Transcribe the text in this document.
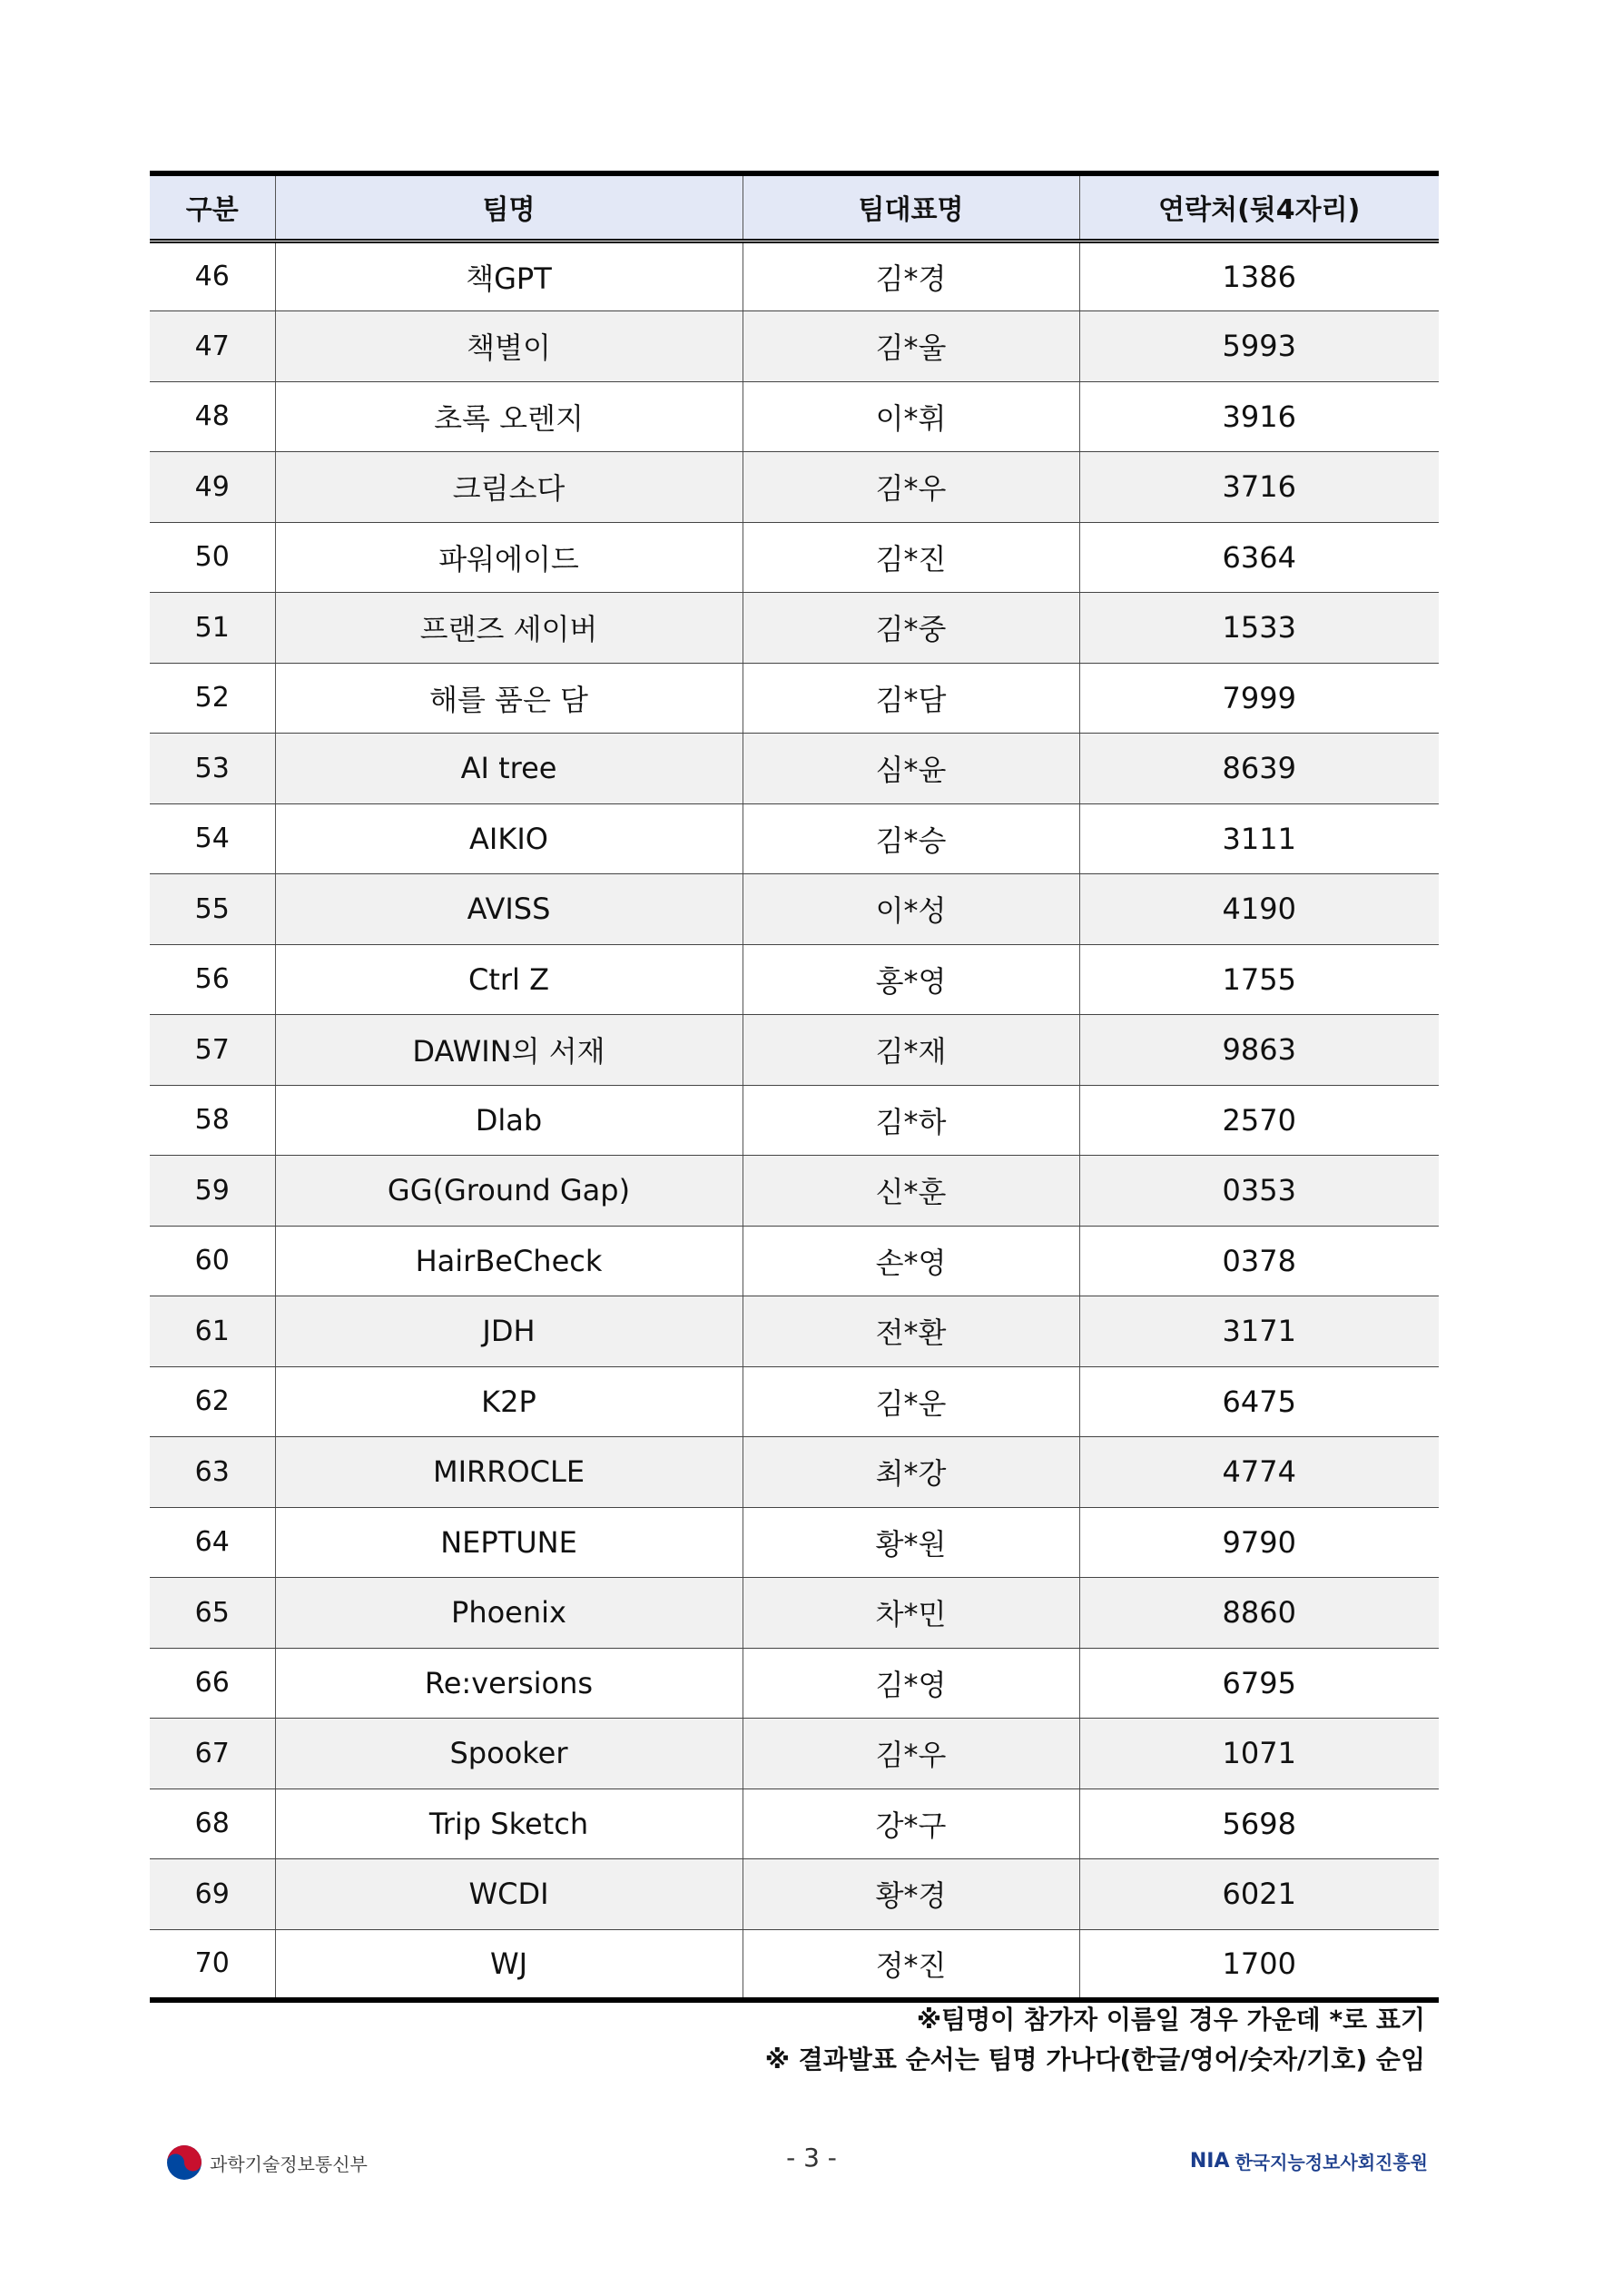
구분	팀명	팀대표명	연락처(뒷4자리)
46	책GPT	김*경	1386
47	책별이	김*울	5993
48	초록 오렌지	이*휘	3916
49	크림소다	김*우	3716
50	파워에이드	김*진	6364
51	프랜즈 세이버	김*중	1533
52	해를 품은 담	김*담	7999
53	AI tree	심*윤	8639
54	AIKIO	김*승	3111
55	AVISS	이*성	4190
56	Ctrl Z	홍*영	1755
57	DAWIN의 서재	김*재	9863
58	Dlab	김*하	2570
59	GG(Ground Gap)	신*훈	0353
60	HairBeCheck	손*영	0378
61	JDH	전*환	3171
62	K2P	김*운	6475
63	MIRROCLE	최*강	4774
64	NEPTUNE	황*원	9790
65	Phoenix	차*민	8860
66	Re:versions	김*영	6795
67	Spooker	김*우	1071
68	Trip Sketch	강*구	5698
69	WCDI	황*경	6021
70	WJ	정*진	1700
※팀명이 참가자 이름일 경우 가운데 *로 표기
※ 결과발표 순서는 팀명 가나다(한글/영어/숫자/기호) 순임
과학기술정보통신부	- 3 -	NIA 한국지능정보사회진흥원
